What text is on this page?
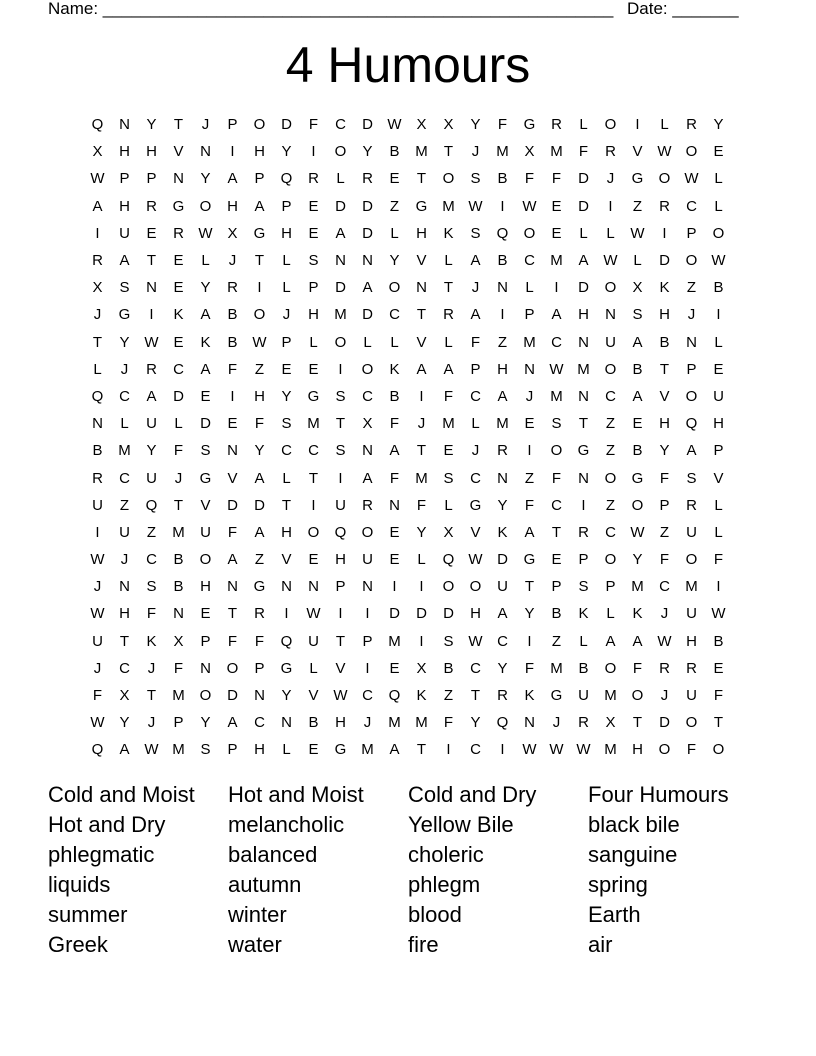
Name: ______________________________________________________ Date: _______
4 Humours
Q	N	Y	T	J	P	O	D	F	C	D W X	X	Y	F	G	R	L	O	I	L	R	Y
X	H	H	V	N	I	H	Y	I	O	Y	B	M	T	J	M	X	M	F	R	V W O	E
W P	P	N	Y	A	P	Q	R	L	R	E	T	O	S	B	F	F	D	J	G	O W	L
A	H	R	G	O	H	A	P	E	D	D	Z	G M W	I	W E	D	I	Z	R	C	L
I	U	E	R W X	G	H	E	A	D	L	H	K	S	Q	O	E	L	L	W	I	P	O
R	A	T	E	L	J	T	L	S	N	N	Y	V	L	A	B	C	M	A W	L	D	O W
X	S	N	E	Y	R	I	L	P	D	A	O	N	T	J	N	L	I	D	O	X	K	Z	B
J	G	I	K	A	B	O	J	H	M	D	C	T	R	A	I	P	A	H	N	S	H	J	I
T	Y W E	K	B W P	L	O	L	L	V	L	F	Z	M	C	N	U	A	B	N	L
L	J	R	C	A	F	Z	E	E	I	O	K	A	A	P	H	N W M O	B	T	P	E
Q	C	A	D	E	I	H	Y	G	S	C	B	I	F	C	A	J	M	N	C	A	V	O	U
N	L	U	L	D	E	F	S	M	T	X	F	J	M	L	M	E	S	T	Z	E	H	Q	H
B	M	Y	F	S	N	Y	C	C	S	N	A	T	E	J	R	I	O	G	Z	B	Y	A	P
R	C	U	J	G	V	A	L	T	I	A	F	M	S	C	N	Z	F	N	O	G	F	S	V
U	Z	Q	T	V	D	D	T	I	U	R	N	F	L	G	Y	F	C	I	Z	O	P	R	L
I	U	Z	M	U	F	A	H	O	Q	O	E	Y	X	V	K	A	T	R	C W	Z	U	L
W	J	C	B	O	A	Z	V	E	H	U	E	L	Q W D	G	E	P	O	Y	F	O	F
J	N	S	B	H	N	G	N	N	P	N	I	I	O	O	U	T	P	S	P	M	C	M	I
W H	F	N	E	T	R	I	W	I	I	D	D	D	H	A	Y	B	K	L	K	J	U W
U	T	K	X	P	F	F	Q	U	T	P	M	I	S W C	I	Z	L	A	A W H	B
J	C	J	F	N	O	P	G	L	V	I	E	X	B	C	Y	F	M	B	O	F	R	R	E
F	X	T	M O	D	N	Y	V W C	Q	K	Z	T	R	K	G	U	M O	J	U	F
W Y	J	P	Y	A	C	N	B	H	J	M M	F	Y	Q	N	J	R	X	T	D	O	T
Q	A W M	S	P	H	L	E	G M	A	T	I	C	I	W W W M	H	O	F	O
Cold and Moist	Hot and Moist	Cold and Dry	Four Humours
Hot and Dry	melancholic	Yellow Bile	black bile
phlegmatic	balanced	choleric	sanguine
liquids	autumn	phlegm	spring
summer	winter	blood	Earth
Greek	water	fire	air
